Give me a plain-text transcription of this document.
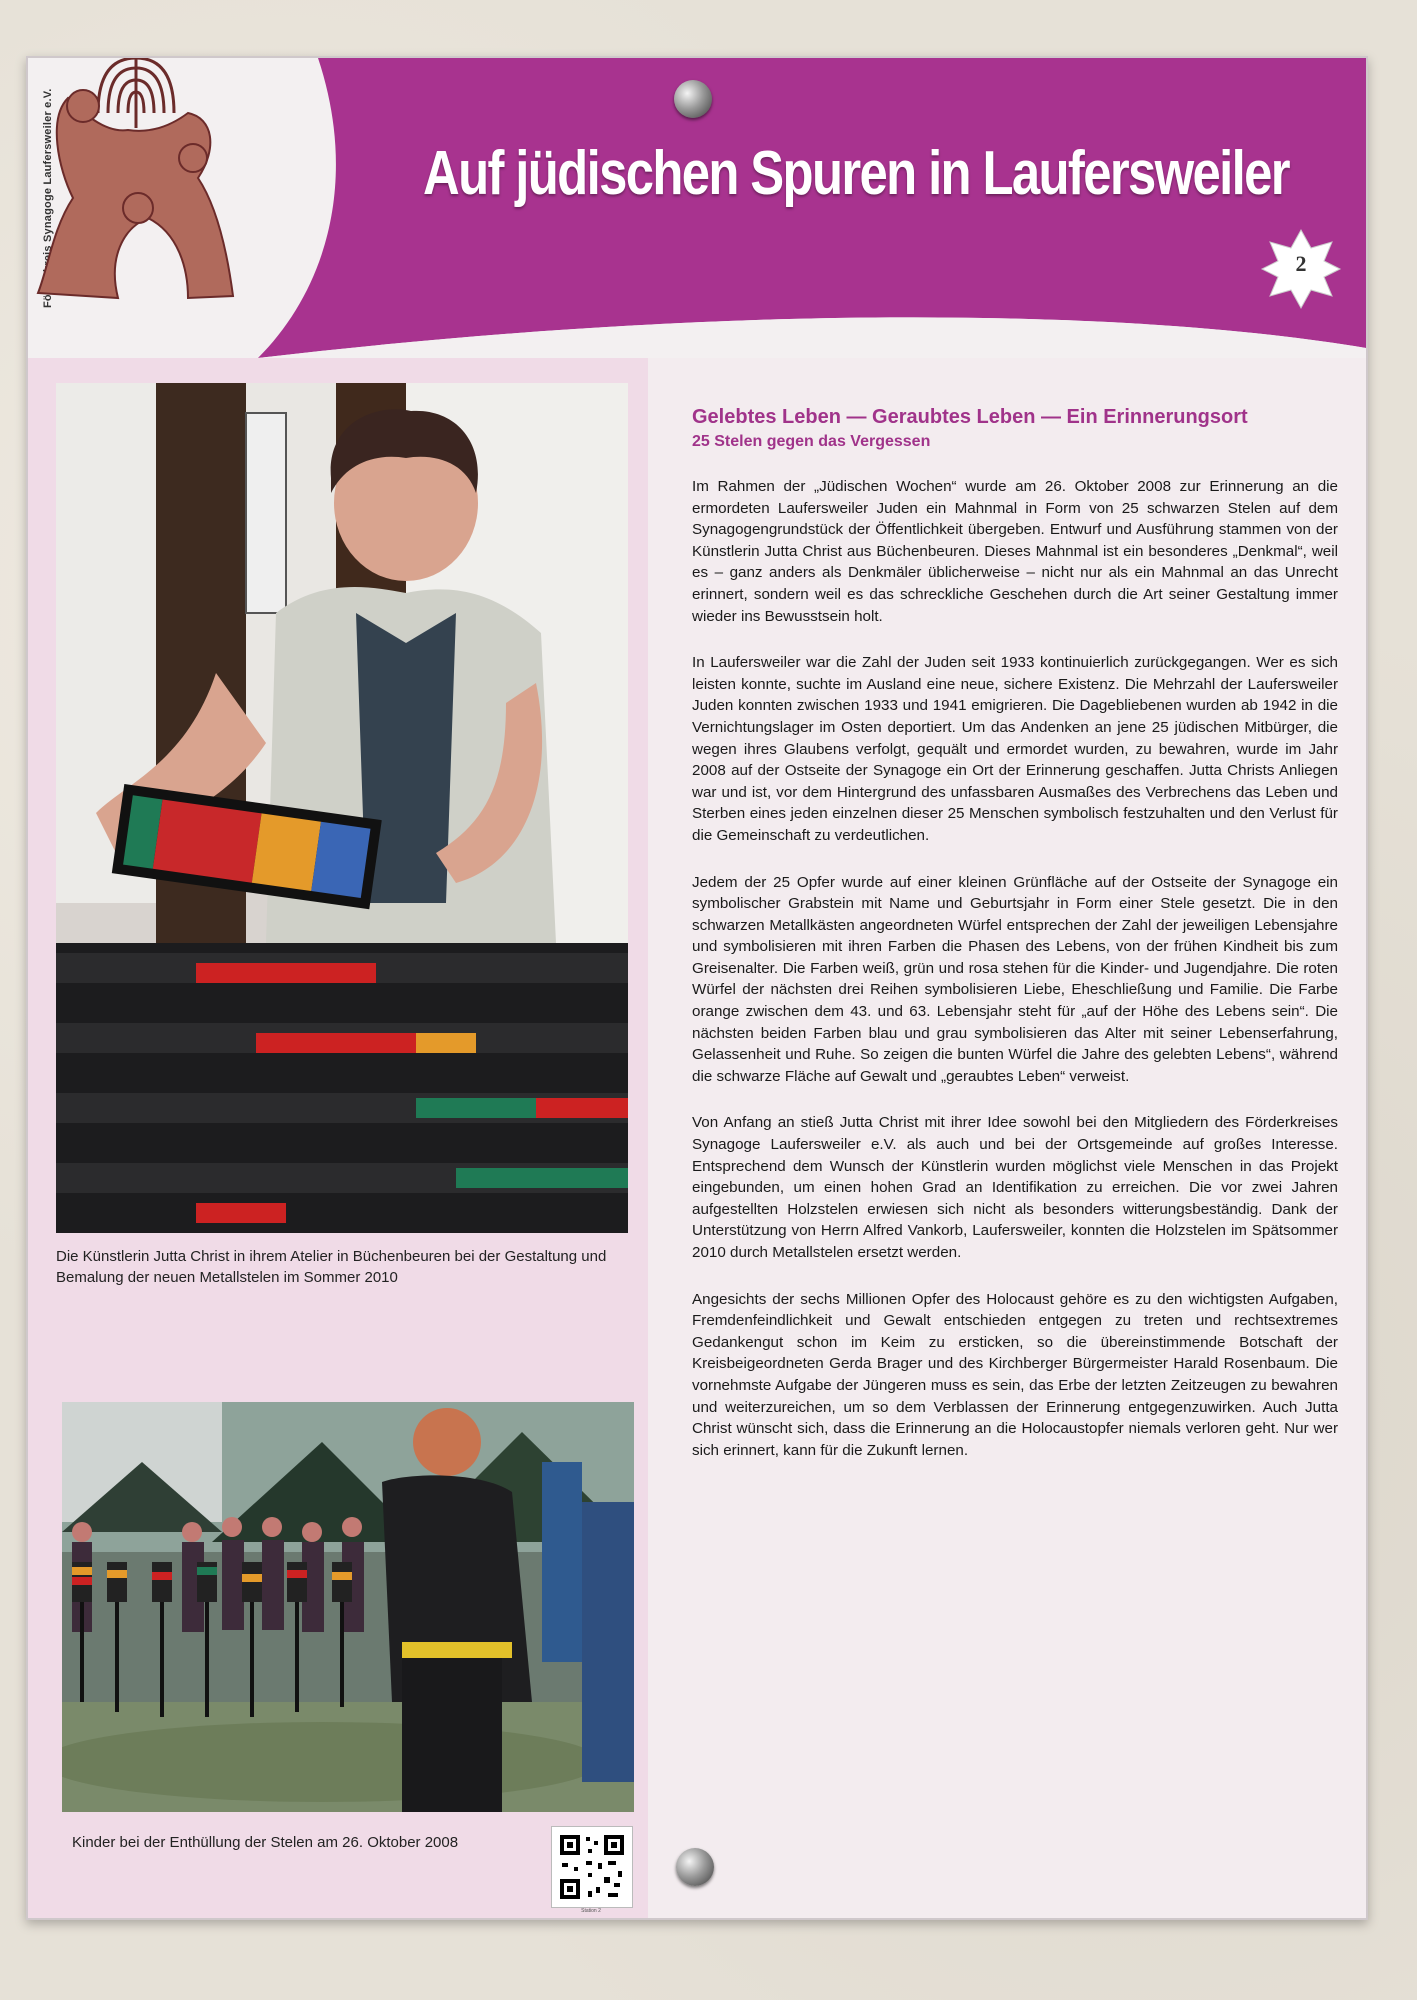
Förderkreis Synagoge Laufersweiler e.V.	Auf jüdischen Spuren in Laufersweiler
2
Die Künstlerin Jutta Christ in ihrem Atelier in Büchenbeuren bei der Gestaltung und Bemalung der neuen Metallstelen im Sommer 2010
Kinder bei der Enthüllung der Stelen am 26. Oktober 2008
Station 2
Gelebtes Leben — Geraubtes Leben — Ein Erinnerungsort
25 Stelen gegen das Vergessen

Im Rahmen der „Jüdischen Wochen“ wurde am 26. Oktober 2008 zur Erinnerung an die ermordeten Laufersweiler Juden ein Mahnmal in Form von 25 schwarzen Stelen auf dem Synagogengrundstück der Öffentlichkeit übergeben. Entwurf und Ausführung stammen von der Künstlerin Jutta Christ aus Büchenbeuren. Dieses Mahnmal ist ein besonderes „Denkmal“, weil es – ganz anders als Denkmäler üblicherweise – nicht nur als ein Mahnmal an das Unrecht erinnert, sondern weil es das schreckliche Geschehen durch die Art seiner Gestaltung immer wieder ins Bewusstsein holt.

In Laufersweiler war die Zahl der Juden seit 1933 kontinuierlich zurückgegangen. Wer es sich leisten konnte, suchte im Ausland eine neue, sichere Existenz. Die Mehrzahl der Laufersweiler Juden konnten zwischen 1933 und 1941 emigrieren. Die Dagebliebenen wurden ab 1942 in die Vernichtungslager im Osten deportiert. Um das Andenken an jene 25 jüdischen Mitbürger, die wegen ihres Glaubens verfolgt, gequält und ermordet wurden, zu bewahren, wurde im Jahr 2008 auf der Ostseite der Synagoge ein Ort der Erinnerung geschaffen. Jutta Christs Anliegen war und ist, vor dem Hintergrund des unfassbaren Ausmaßes des Verbrechens das Leben und Sterben eines jeden einzelnen dieser 25 Menschen symbolisch festzuhalten und den Verlust für die Gemeinschaft zu verdeutlichen.

Jedem der 25 Opfer wurde auf einer kleinen Grünfläche auf der Ostseite der Synagoge ein symbolischer Grabstein mit Name und Geburtsjahr in Form einer Stele gesetzt. Die in den schwarzen Metallkästen angeordneten Würfel entsprechen der Zahl der jeweiligen Lebensjahre und symbolisieren mit ihren Farben die Phasen des Lebens, von der frühen Kindheit bis zum Greisenalter. Die Farben weiß, grün und rosa stehen für die Kinder- und Jugendjahre. Die roten Würfel der nächsten drei Reihen symbolisieren Liebe, Eheschließung und Familie. Die Farbe orange zwischen dem 43. und 63. Lebensjahr steht für „auf der Höhe des Lebens sein“. Die nächsten beiden Farben blau und grau symbolisieren das Alter mit seiner Lebenserfahrung, Gelassenheit und Ruhe. So zeigen die bunten Würfel die Jahre des gelebten Lebens“, während die schwarze Fläche auf Gewalt und „geraubtes Leben“ verweist.

Von Anfang an stieß Jutta Christ mit ihrer Idee sowohl bei den Mitgliedern des Förderkreises Synagoge Laufersweiler e.V. als auch und bei der Ortsgemeinde auf großes Interesse. Entsprechend dem Wunsch der Künstlerin wurden möglichst viele Menschen in das Projekt eingebunden, um einen hohen Grad an Identifikation zu erreichen. Die vor zwei Jahren aufgestellten Holzstelen erwiesen sich nicht als besonders witterungsbeständig. Dank der Unterstützung von Herrn Alfred Vankorb, Laufersweiler, konnten die Holzstelen im Spätsommer 2010 durch Metallstelen ersetzt werden.

Angesichts der sechs Millionen Opfer des Holocaust gehöre es zu den wichtigsten Aufgaben, Fremdenfeindlichkeit und Gewalt entschieden entgegen zu treten und rechtsextremes Gedankengut schon im Keim zu ersticken, so die übereinstimmende Botschaft der Kreisbeigeordneten Gerda Brager und des Kirchberger Bürgermeister Harald Rosenbaum. Die vornehmste Aufgabe der Jüngeren muss es sein, das Erbe der letzten Zeitzeugen zu bewahren und weiterzureichen, um so dem Verblassen der Erinnerung entgegenzuwirken. Auch Jutta Christ wünscht sich, dass die Erinnerung an die Holocaustopfer niemals verloren geht. Nur wer sich erinnert, kann für die Zukunft lernen.
